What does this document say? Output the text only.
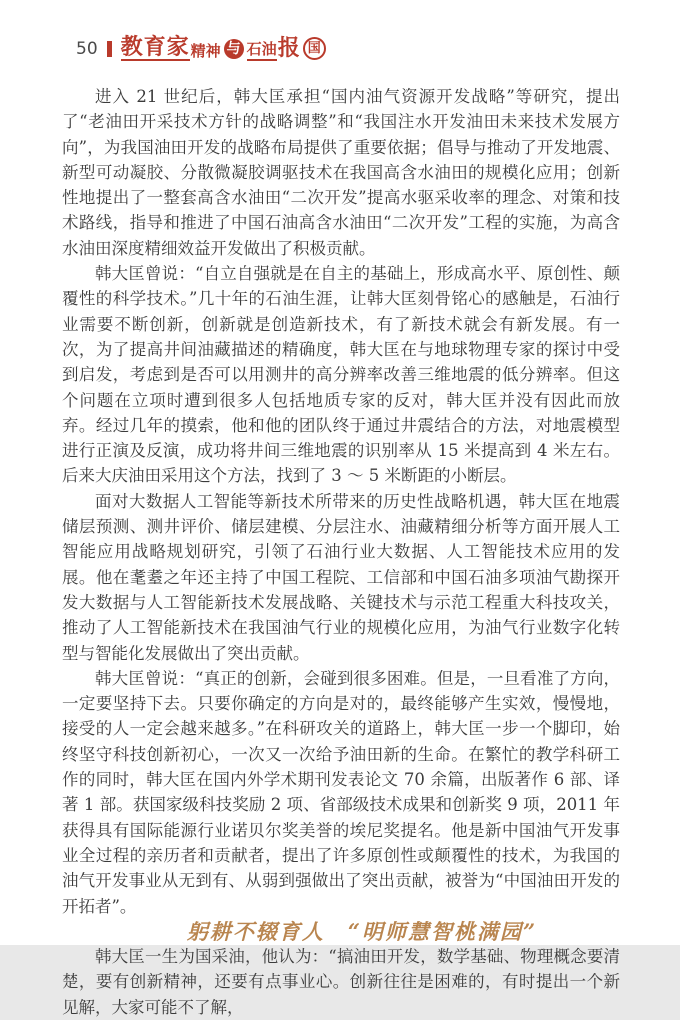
50 教育家 精神 与 石油 报 国

进入 21 世纪后，韩大匡承担“国内油气资源开发战略”等研究，提出了“老油田开采技术方针的战略调整”和“我国注水开发油田未来技术发展方向”，为我国油田开发的战略布局提供了重要依据；倡导与推动了开发地震、新型可动凝胶、分散微凝胶调驱技术在我国高含水油田的规模化应用；创新性地提出了一整套高含水油田“二次开发”提高水驱采收率的理念、对策和技术路线，指导和推进了中国石油高含水油田“二次开发”工程的实施，为高含水油田深度精细效益开发做出了积极贡献。

韩大匡曾说：“自立自强就是在自主的基础上，形成高水平、原创性、颠覆性的科学技术。”几十年的石油生涯，让韩大匡刻骨铭心的感触是，石油行业需要不断创新，创新就是创造新技术，有了新技术就会有新发展。有一次，为了提高井间油藏描述的精确度，韩大匡在与地球物理专家的探讨中受到启发，考虑到是否可以用测井的高分辨率改善三维地震的低分辨率。但这个问题在立项时遭到很多人包括地质专家的反对，韩大匡并没有因此而放弃。经过几年的摸索，他和他的团队终于通过井震结合的方法，对地震模型进行正演及反演，成功将井间三维地震的识别率从 15 米提高到 4 米左右。后来大庆油田采用这个方法，找到了 3 ～ 5 米断距的小断层。

面对大数据人工智能等新技术所带来的历史性战略机遇，韩大匡在地震储层预测、测井评价、储层建模、分层注水、油藏精细分析等方面开展人工智能应用战略规划研究，引领了石油行业大数据、人工智能技术应用的发展。他在耄耋之年还主持了中国工程院、工信部和中国石油多项油气勘探开发大数据与人工智能新技术发展战略、关键技术与示范工程重大科技攻关，推动了人工智能新技术在我国油气行业的规模化应用，为油气行业数字化转型与智能化发展做出了突出贡献。

韩大匡曾说：“真正的创新，会碰到很多困难。但是，一旦看准了方向，一定要坚持下去。只要你确定的方向是对的，最终能够产生实效，慢慢地，接受的人一定会越来越多。”在科研攻关的道路上，韩大匡一步一个脚印，始终坚守科技创新初心，一次又一次给予油田新的生命。在繁忙的教学科研工作的同时，韩大匡在国内外学术期刊发表论文 70 余篇，出版著作 6 部、译著 1 部。获国家级科技奖励 2 项、省部级技术成果和创新奖 9 项，2011 年获得具有国际能源行业诺贝尔奖美誉的埃尼奖提名。他是新中国油气开发事业全过程的亲历者和贡献者，提出了许多原创性或颠覆性的技术，为我国的油气开发事业从无到有、从弱到强做出了突出贡献，被誉为“中国油田开发的开拓者”。

躬耕不辍育人　“明师慧智桃满园”

韩大匡一生为国采油，他认为：“搞油田开发，数学基础、物理概念要清楚，要有创新精神，还要有点事业心。创新往往是困难的，有时提出一个新见解，大家可能不了解，
